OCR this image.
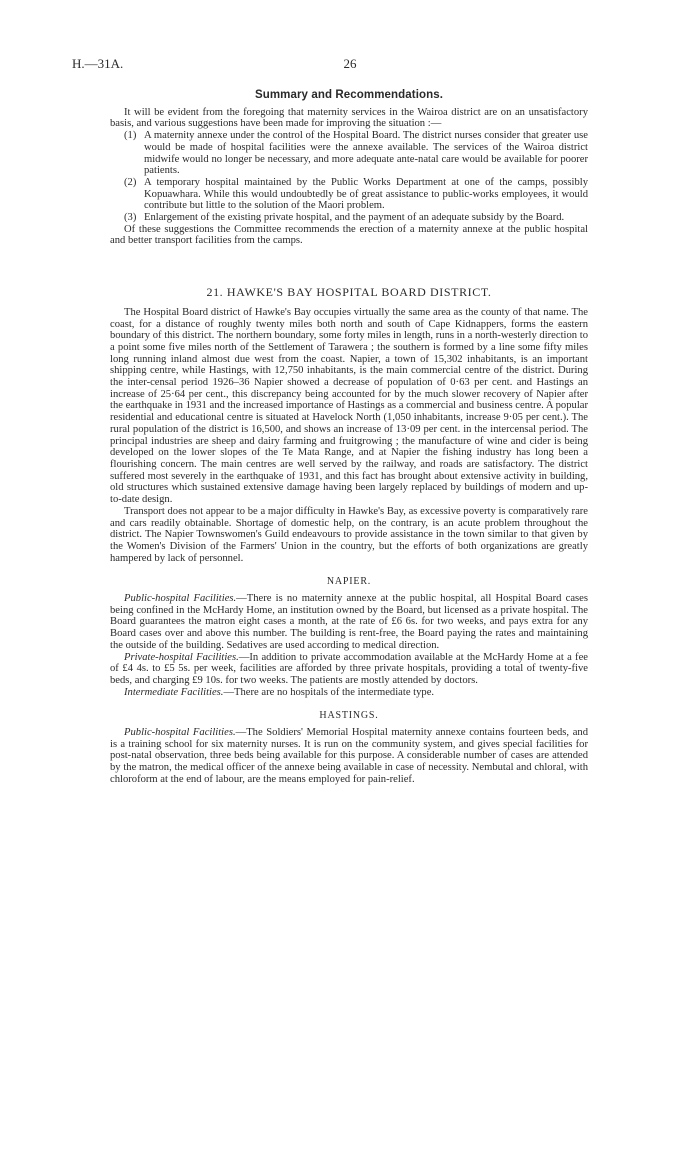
H.—31A.	26
Summary and Recommendations.

It will be evident from the foregoing that maternity services in the Wairoa district are on an unsatisfactory basis, and various suggestions have been made for improving the situation :—

(1) A maternity annexe under the control of the Hospital Board. The district nurses consider that greater use would be made of hospital facilities were the annexe available. The services of the Wairoa district midwife would no longer be necessary, and more adequate ante-natal care would be available for poorer patients.
(2) A temporary hospital maintained by the Public Works Department at one of the camps, possibly Kopuawhara. While this would undoubtedly be of great assistance to public-works employees, it would contribute but little to the solution of the Maori problem.
(3) Enlargement of the existing private hospital, and the payment of an adequate subsidy by the Board.

Of these suggestions the Committee recommends the erection of a maternity annexe at the public hospital and better transport facilities from the camps.

21. HAWKE'S BAY HOSPITAL BOARD DISTRICT.

The Hospital Board district of Hawke's Bay occupies virtually the same area as the county of that name. The coast, for a distance of roughly twenty miles both north and south of Cape Kidnappers, forms the eastern boundary of this district. The northern boundary, some forty miles in length, runs in a north-westerly direction to a point some five miles north of the Settlement of Tarawera ; the southern is formed by a line some fifty miles long running inland almost due west from the coast. Napier, a town of 15,302 inhabitants, is an important shipping centre, while Hastings, with 12,750 inhabitants, is the main commercial centre of the district. During the inter-censal period 1926–36 Napier showed a decrease of population of 0·63 per cent. and Hastings an increase of 25·64 per cent., this discrepancy being accounted for by the much slower recovery of Napier after the earthquake in 1931 and the increased importance of Hastings as a commercial and business centre. A popular residential and educational centre is situated at Havelock North (1,050 inhabitants, increase 9·05 per cent.). The rural population of the district is 16,500, and shows an increase of 13·09 per cent. in the intercensal period. The principal industries are sheep and dairy farming and fruitgrowing ; the manufacture of wine and cider is being developed on the lower slopes of the Te Mata Range, and at Napier the fishing industry has long been a flourishing concern. The main centres are well served by the railway, and roads are satisfactory. The district suffered most severely in the earthquake of 1931, and this fact has brought about extensive activity in building, old structures which sustained extensive damage having been largely replaced by buildings of modern and up-to-date design.

Transport does not appear to be a major difficulty in Hawke's Bay, as excessive poverty is comparatively rare and cars readily obtainable. Shortage of domestic help, on the contrary, is an acute problem throughout the district. The Napier Townswomen's Guild endeavours to provide assistance in the town similar to that given by the Women's Division of the Farmers' Union in the country, but the efforts of both organizations are greatly hampered by lack of personnel.

NAPIER.

Public-hospital Facilities.—There is no maternity annexe at the public hospital, all Hospital Board cases being confined in the McHardy Home, an institution owned by the Board, but licensed as a private hospital. The Board guarantees the matron eight cases a month, at the rate of £6 6s. for two weeks, and pays extra for any Board cases over and above this number. The building is rent-free, the Board paying the rates and maintaining the outside of the building. Sedatives are used according to medical direction.

Private-hospital Facilities.—In addition to private accommodation available at the McHardy Home at a fee of £4 4s. to £5 5s. per week, facilities are afforded by three private hospitals, providing a total of twenty-five beds, and charging £9 10s. for two weeks. The patients are mostly attended by doctors.

Intermediate Facilities.—There are no hospitals of the intermediate type.

HASTINGS.

Public-hospital Facilities.—The Soldiers' Memorial Hospital maternity annexe contains fourteen beds, and is a training school for six maternity nurses. It is run on the community system, and gives special facilities for post-natal observation, three beds being available for this purpose. A considerable number of cases are attended by the matron, the medical officer of the annexe being available in case of necessity. Nembutal and chloral, with chloroform at the end of labour, are the means employed for pain-relief.
